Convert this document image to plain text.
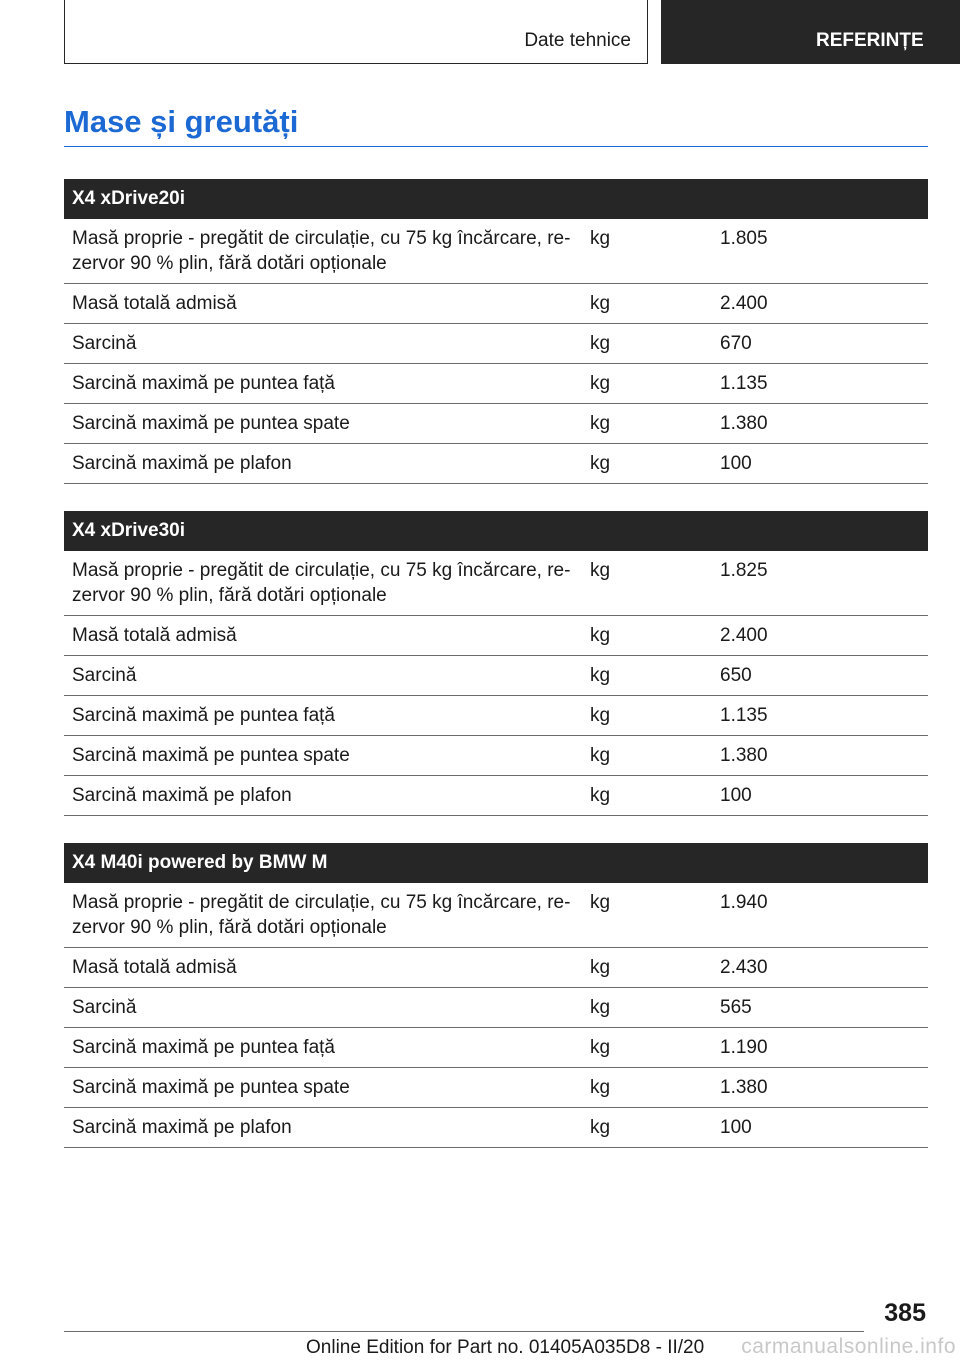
Date tehnice	REFERINȚE
Mase și greutăți
X4 xDrive20i
Masă proprie - pregătit de circulație, cu 75 kg încărcare, re-
zervor 90 % plin, fără dotări opționale
kg	1.805
Masă totală admisă	kg	2.400
Sarcină	kg	670
Sarcină maximă pe puntea față	kg	1.135
Sarcină maximă pe puntea spate	kg	1.380
Sarcină maximă pe plafon	kg	100
X4 xDrive30i
Masă proprie - pregătit de circulație, cu 75 kg încărcare, re-
zervor 90 % plin, fără dotări opționale
kg	1.825
Masă totală admisă	kg	2.400
Sarcină	kg	650
Sarcină maximă pe puntea față	kg	1.135
Sarcină maximă pe puntea spate	kg	1.380
Sarcină maximă pe plafon	kg	100
X4 M40i powered by BMW M
Masă proprie - pregătit de circulație, cu 75 kg încărcare, re-
zervor 90 % plin, fără dotări opționale
kg	1.940
Masă totală admisă	kg	2.430
Sarcină	kg	565
Sarcină maximă pe puntea față	kg	1.190
Sarcină maximă pe puntea spate	kg	1.380
Sarcină maximă pe plafon	kg	100
385
Online Edition for Part no. 01405A035D8 - II/20 carmanualsonline.info
